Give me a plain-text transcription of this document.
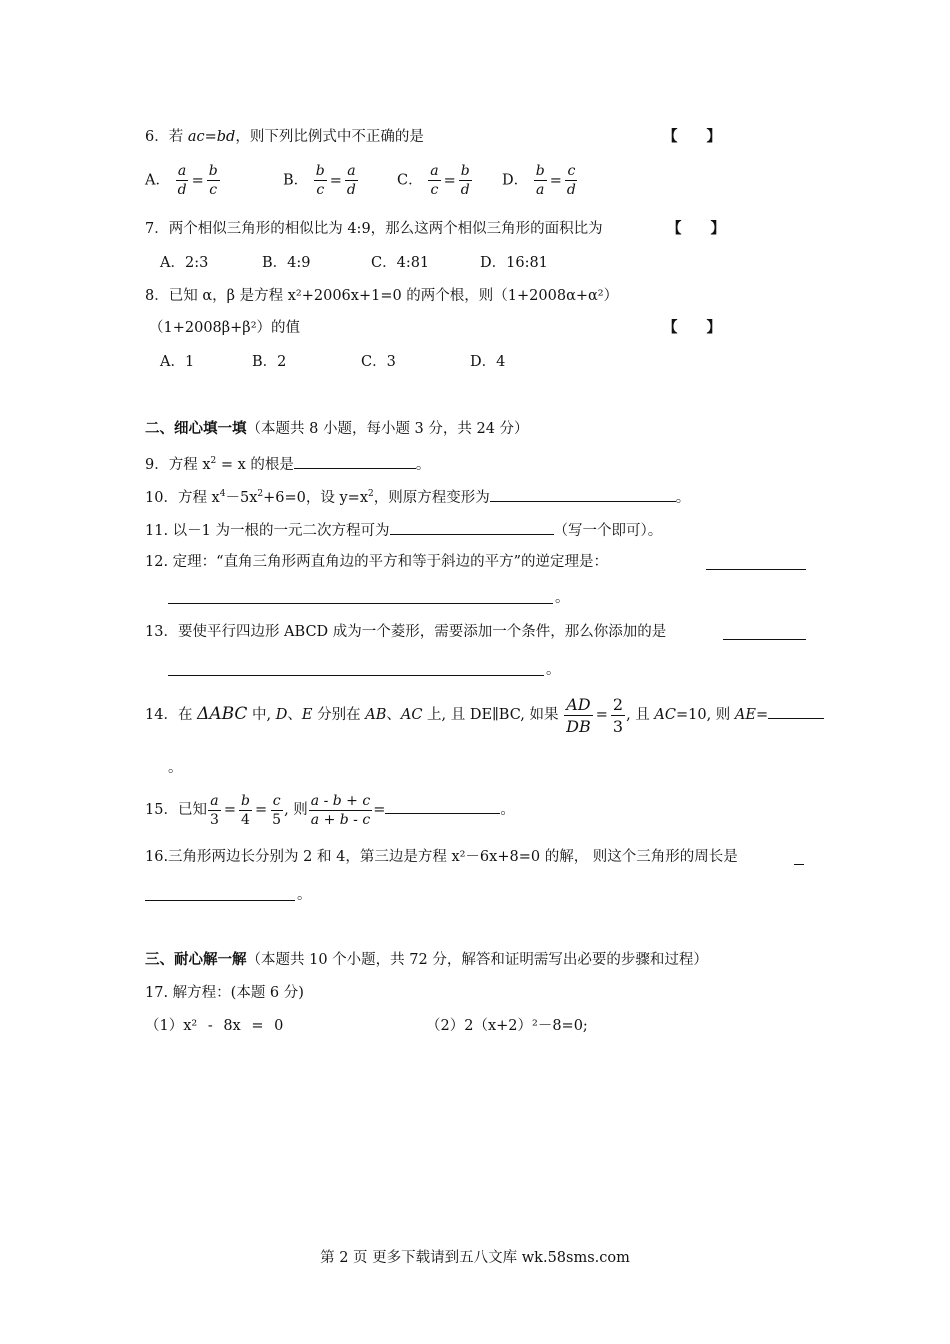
6．若 ac=bd，则下列比例式中不正确的是	【　　】
A． $\frac{a}{d} = \frac{b}{c}$	B． $\frac{b}{c} = \frac{a}{d}$	C． $\frac{a}{c} = \frac{b}{d}$ D． $\frac{b}{a} = \frac{c}{d}$
7．两个相似三角形的相似比为 4:9，那么这两个相似三角形的面积比为	【　　】
A．2:3	B．4:9	C．4:81	D．16:81
8．已知 α，β 是方程 x²+2006x+1=0 的两个根，则（1+2008α+α²）
（1+2008β+β²）的值	【　　】
A．1	B．2	C．3	D．4
二、细心填一填（本题共 8 小题，每小题 3 分，共 24 分）
9．方程 $x^2 = x$ 的根是	。
10．方程 $x^4-5x^2+6=0$，设 $y=x^2$，则原方程变形为	。
11. 以－1 为一根的一元二次方程可为	（写一个即可）。
12. 定理：“直角三角形两直角边的平方和等于斜边的平方”的逆定理是：
。
13．要使平行四边形 ABCD 成为一个菱形，需要添加一个条件，那么你添加的是
。
14．在 ΔABC 中, D、E 分别在 AB、AC 上, 且 DE∥BC, 如果 $\frac{AD}{DB} = \frac{2}{3}$ , 且 AC=10, 则 AE=
。
15．已知 $\frac{a}{3} = \frac{b}{4} = \frac{c}{5}$ , 则 $\frac{a - b + c}{a + b - c}$ =	。
16.三角形两边长分别为 2 和 4，第三边是方程 x²－6x+8=0 的解， 则这个三角形的周长是
。
三、耐心解一解（本题共 10 个小题，共 72 分，解答和证明需写出必要的步骤和过程）
17. 解方程：(本题 6 分)
（1）x² - 8x = 0	（2）2（x+2）²－8=0;
第 2 页 更多下载请到五八文库 wk.58sms.com
